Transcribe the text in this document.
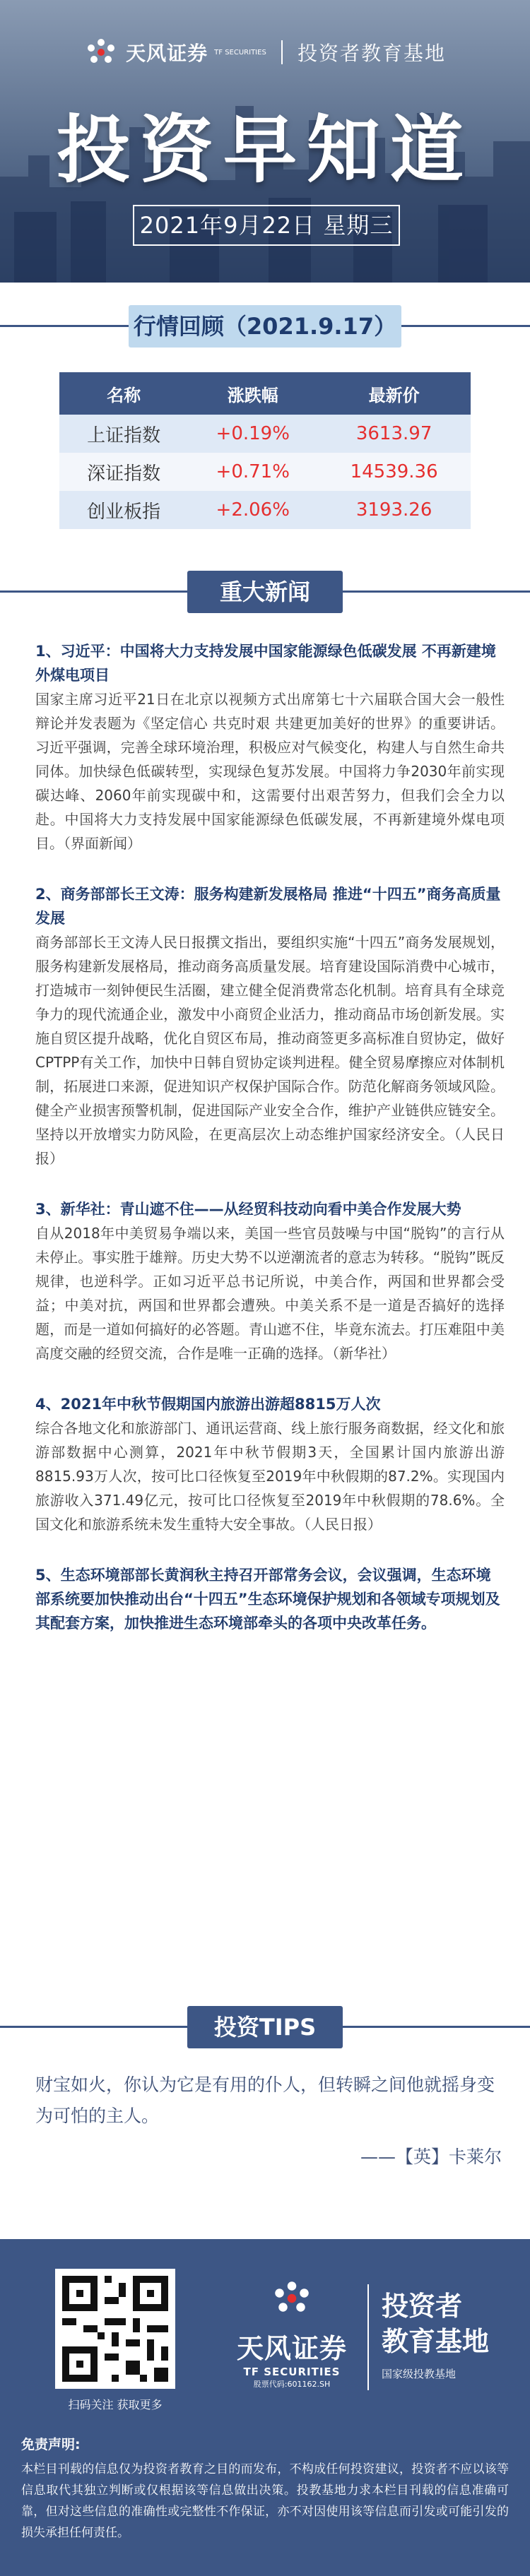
天风证券 TF SECURITIES 投资者教育基地
投资早知道
2021年9月22日 星期三
行情回顾（2021.9.17）
名称	涨跌幅	最新价
上证指数	+0.19%	3613.97
深证指数	+0.71%	14539.36
创业板指	+2.06%	3193.26
重大新闻
1、习近平：中国将大力支持发展中国家能源绿色低碳发展 不再新建境外煤电项目
国家主席习近平21日在北京以视频方式出席第七十六届联合国大会一般性辩论并发表题为《坚定信心 共克时艰 共建更加美好的世界》的重要讲话。习近平强调，完善全球环境治理，积极应对气候变化，构建人与自然生命共同体。加快绿色低碳转型，实现绿色复苏发展。中国将力争2030年前实现碳达峰、2060年前实现碳中和，这需要付出艰苦努力，但我们会全力以赴。中国将大力支持发展中国家能源绿色低碳发展，不再新建境外煤电项目。（界面新闻）
2、商务部部长王文涛：服务构建新发展格局 推进“十四五”商务高质量发展
商务部部长王文涛人民日报撰文指出，要组织实施“十四五”商务发展规划，服务构建新发展格局，推动商务高质量发展。培育建设国际消费中心城市，打造城市一刻钟便民生活圈，建立健全促消费常态化机制。培育具有全球竞争力的现代流通企业，激发中小商贸企业活力，推动商品市场创新发展。实施自贸区提升战略，优化自贸区布局，推动商签更多高标准自贸协定，做好CPTPP有关工作，加快中日韩自贸协定谈判进程。健全贸易摩擦应对体制机制，拓展进口来源，促进知识产权保护国际合作。防范化解商务领域风险。健全产业损害预警机制，促进国际产业安全合作，维护产业链供应链安全。坚持以开放增实力防风险，在更高层次上动态维护国家经济安全。（人民日报）
3、新华社：青山遮不住——从经贸科技动向看中美合作发展大势
自从2018年中美贸易争端以来，美国一些官员鼓噪与中国“脱钩”的言行从未停止。事实胜于雄辩。历史大势不以逆潮流者的意志为转移。“脱钩”既反规律，也逆科学。正如习近平总书记所说，中美合作，两国和世界都会受益；中美对抗，两国和世界都会遭殃。中美关系不是一道是否搞好的选择题，而是一道如何搞好的必答题。青山遮不住，毕竟东流去。打压难阻中美高度交融的经贸交流，合作是唯一正确的选择。（新华社）
4、2021年中秋节假期国内旅游出游超8815万人次
综合各地文化和旅游部门、通讯运营商、线上旅行服务商数据，经文化和旅游部数据中心测算，2021年中秋节假期3天，全国累计国内旅游出游8815.93万人次，按可比口径恢复至2019年中秋假期的87.2%。实现国内旅游收入371.49亿元，按可比口径恢复至2019年中秋假期的78.6%。全国文化和旅游系统未发生重特大安全事故。（人民日报）
5、生态环境部部长黄润秋主持召开部常务会议，会议强调，生态环境部系统要加快推动出台“十四五”生态环境保护规划和各领域专项规划及其配套方案，加快推进生态环境部牵头的各项中央改革任务。
投资TIPS
财宝如火，你认为它是有用的仆人，但转瞬之间他就摇身变为可怕的主人。
——【英】卡莱尔
扫码关注 获取更多
天风证券
TF SECURITIES
股票代码:601162.SH
投资者
教育基地
国家级投教基地
免责声明:
本栏目刊载的信息仅为投资者教育之目的而发布，不构成任何投资建议，投资者不应以该等信息取代其独立判断或仅根据该等信息做出决策。投教基地力求本栏目刊载的信息准确可靠，但对这些信息的准确性或完整性不作保证，亦不对因使用该等信息而引发或可能引发的损失承担任何责任。
